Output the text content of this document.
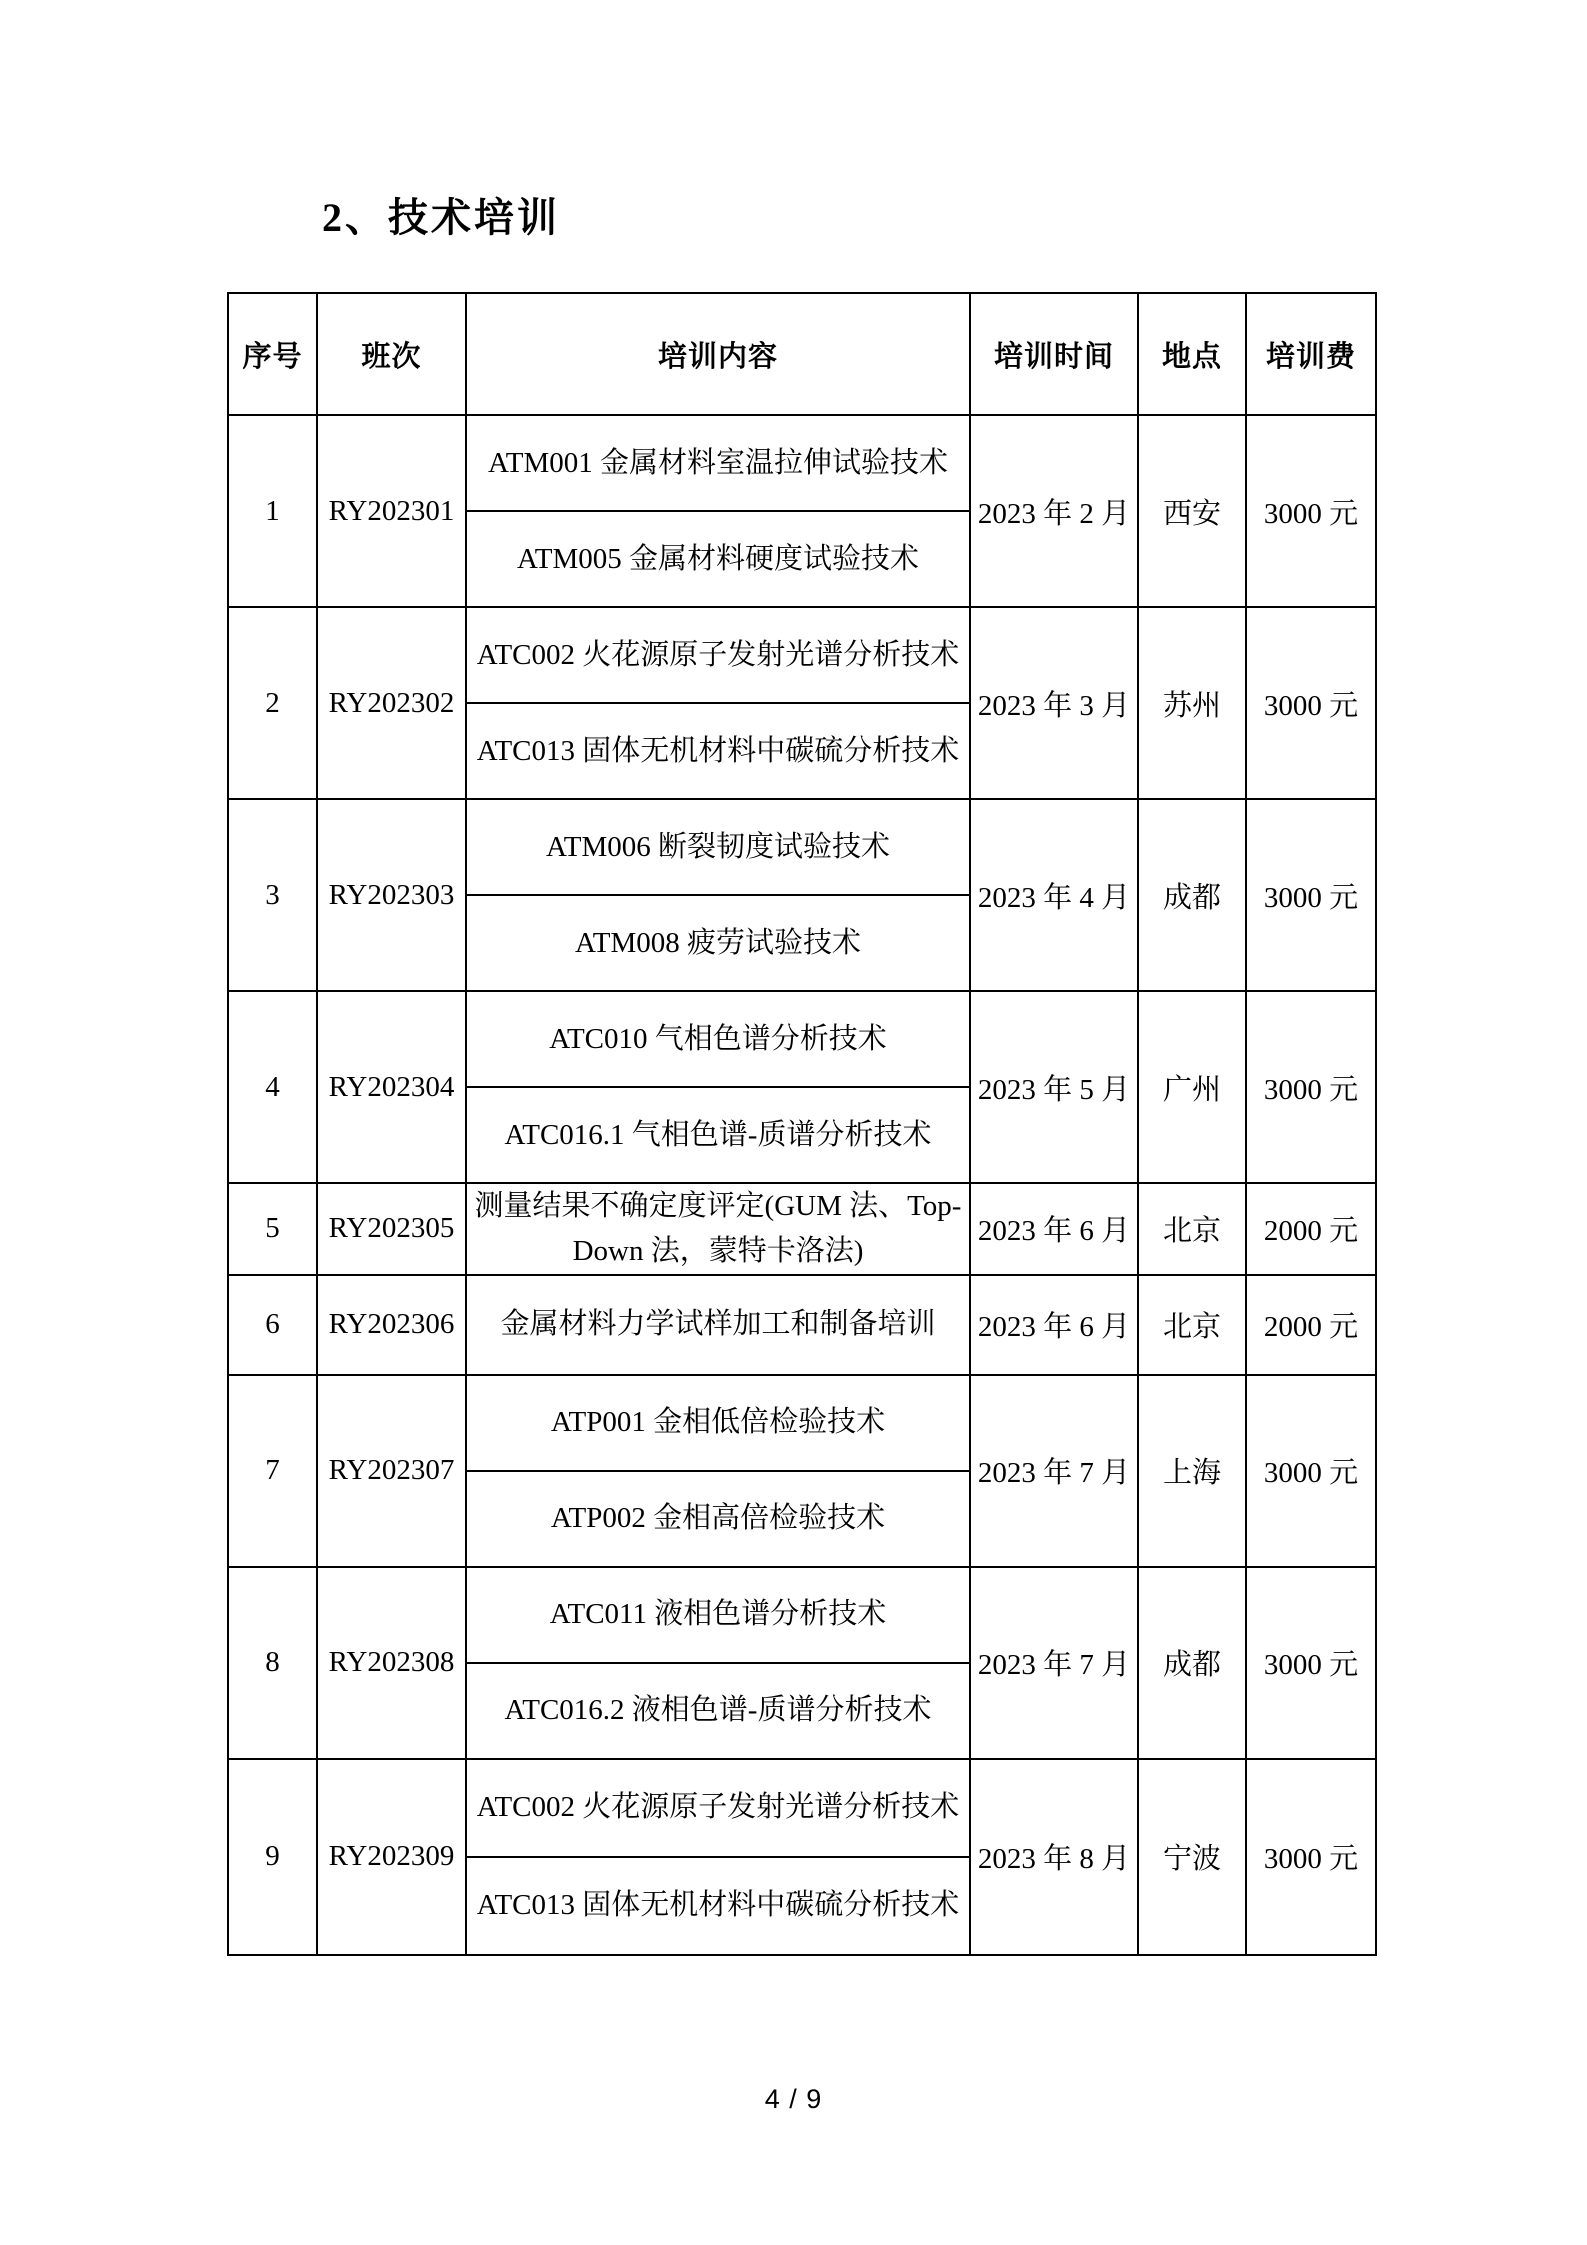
2、技术培训
序号	班次	培训内容	培训时间	地点	培训费
1	RY202301	ATM001 金属材料室温拉伸试验技术	2023 年 2 月	西安	3000 元
		ATM005 金属材料硬度试验技术			
2	RY202302	ATC002 火花源原子发射光谱分析技术	2023 年 3 月	苏州	3000 元
		ATC013 固体无机材料中碳硫分析技术			
3	RY202303	ATM006 断裂韧度试验技术	2023 年 4 月	成都	3000 元
		ATM008 疲劳试验技术			
4	RY202304	ATC010 气相色谱分析技术	2023 年 5 月	广州	3000 元
		ATC016.1 气相色谱-质谱分析技术			
5	RY202305	测量结果不确定度评定(GUM 法、Top-Down 法，蒙特卡洛法)	2023 年 6 月	北京	2000 元
6	RY202306	金属材料力学试样加工和制备培训	2023 年 6 月	北京	2000 元
7	RY202307	ATP001 金相低倍检验技术	2023 年 7 月	上海	3000 元
		ATP002 金相高倍检验技术			
8	RY202308	ATC011 液相色谱分析技术	2023 年 7 月	成都	3000 元
		ATC016.2 液相色谱-质谱分析技术			
9	RY202309	ATC002 火花源原子发射光谱分析技术	2023 年 8 月	宁波	3000 元
		ATC013 固体无机材料中碳硫分析技术			
4 / 9
